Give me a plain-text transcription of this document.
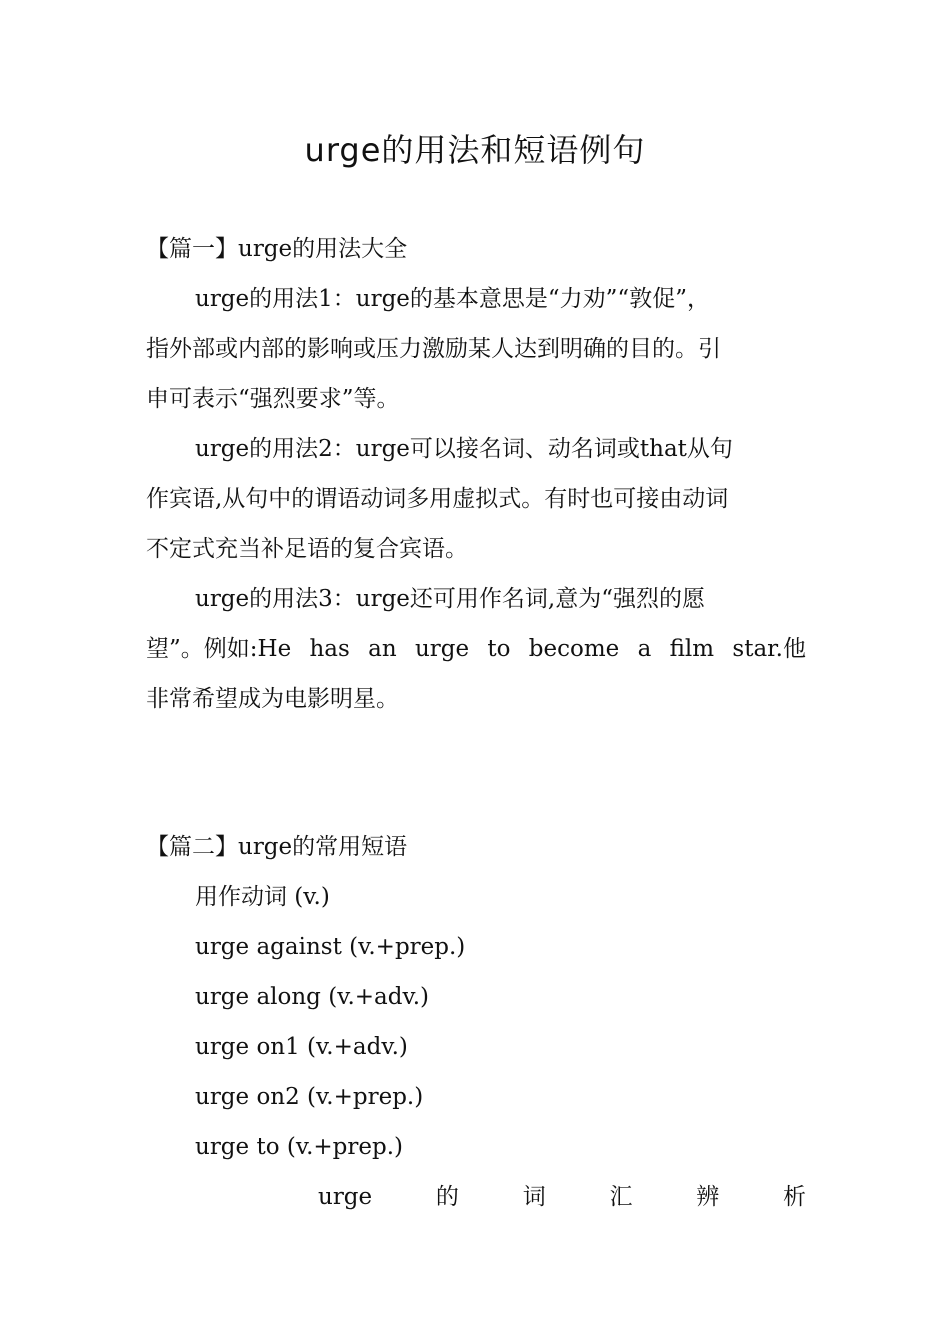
urge的用法和短语例句
【篇一】urge的用法大全
urge的用法1：urge的基本意思是“力劝”“敦促”，
指外部或内部的影响或压力激励某人达到明确的目的。引
申可表示“强烈要求”等。
urge的用法2：urge可以接名词、动名词或that从句
作宾语,从句中的谓语动词多用虚拟式。有时也可接由动词
不定式充当补足语的复合宾语。
urge的用法3：urge还可用作名词,意为“强烈的愿
望”。例如:He has an urge to become a film star.他
非常希望成为电影明星。
【篇二】urge的常用短语
用作动词 (v.)
urge against (v.+prep.)
urge along (v.+adv.)
urge on1 (v.+adv.)
urge on2 (v.+prep.)
urge to (v.+prep.)
urge	的	词	汇	辨	析
